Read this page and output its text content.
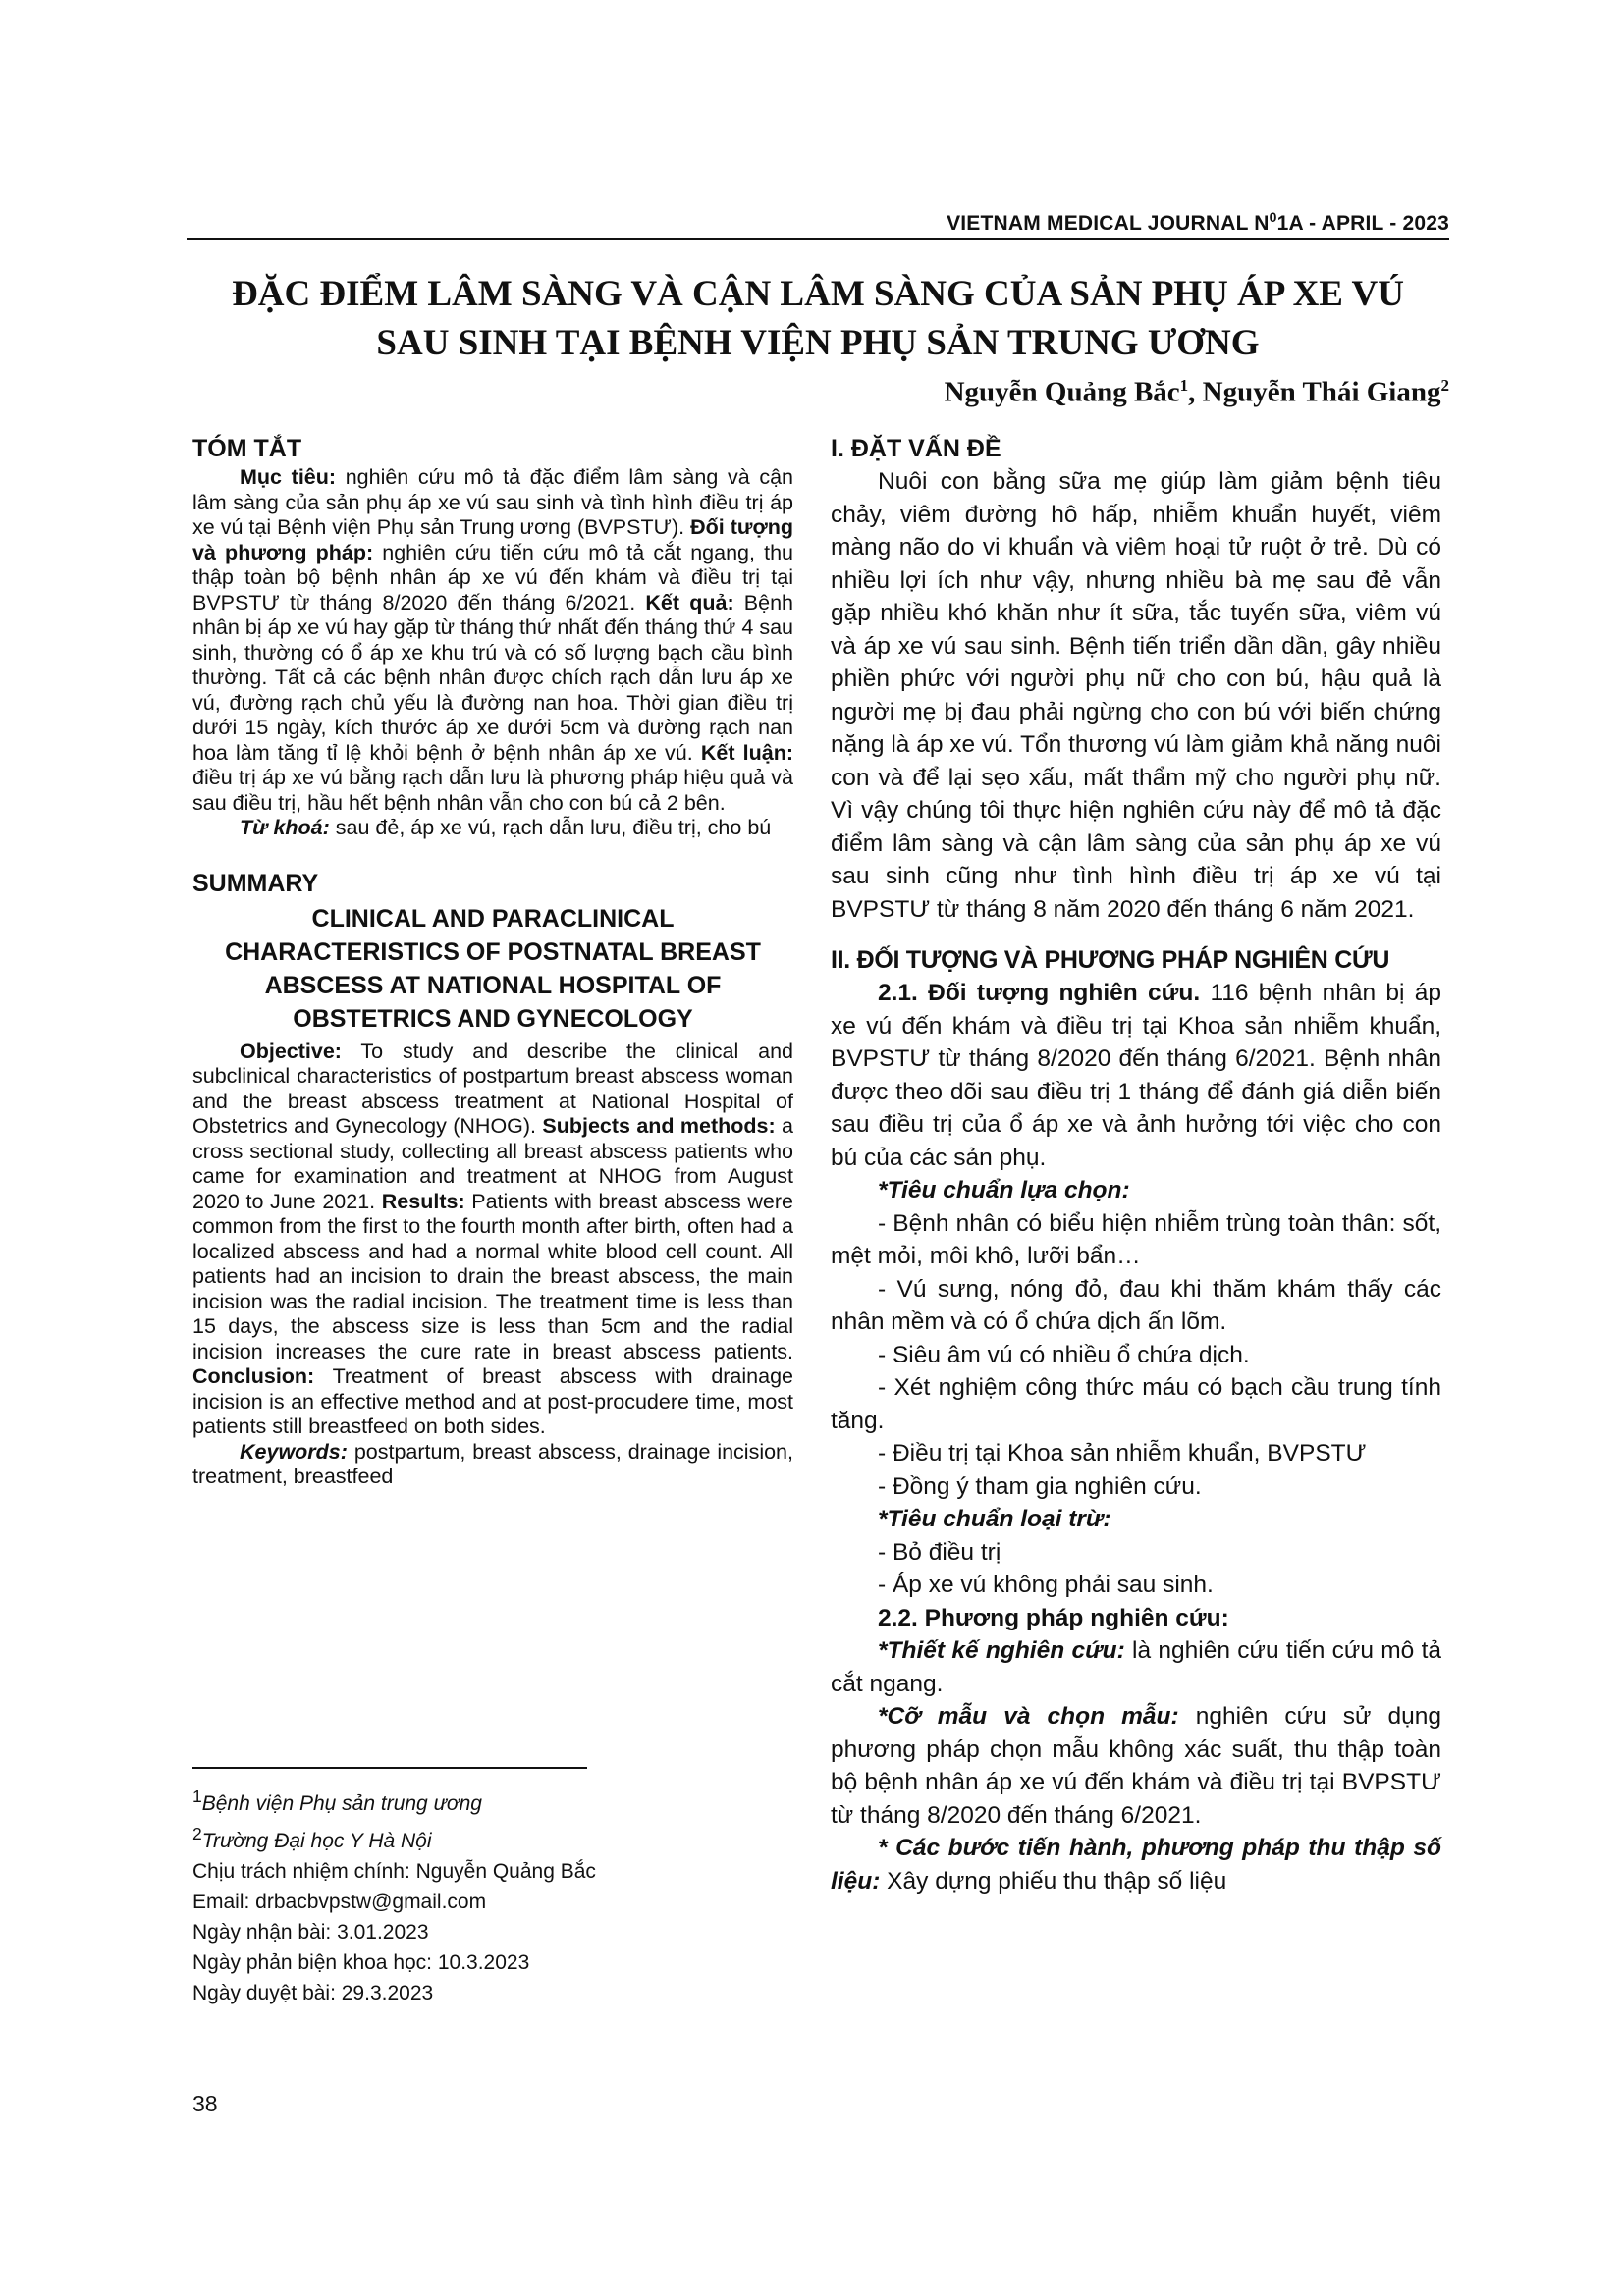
VIETNAM MEDICAL JOURNAL $N^01A$ - APRIL - 2023
ĐẶC ĐIỂM LÂM SÀNG VÀ CẬN LÂM SÀNG CỦA SẢN PHỤ ÁP XE VÚ
SAU SINH TẠI BỆNH VIỆN PHỤ SẢN TRUNG ƯƠNG
Nguyễn Quảng Bắc$^1$, Nguyễn Thái Giang$^2$

TÓM TẮT

Mục tiêu: nghiên cứu mô tả đặc điểm lâm sàng và cận lâm sàng của sản phụ áp xe vú sau sinh và tình hình điều trị áp xe vú tại Bệnh viện Phụ sản Trung ương (BVPSTƯ). Đối tượng và phương pháp: nghiên cứu tiến cứu mô tả cắt ngang, thu thập toàn bộ bệnh nhân áp xe vú đến khám và điều trị tại BVPSTƯ từ tháng 8/2020 đến tháng 6/2021. Kết quả: Bệnh nhân bị áp xe vú hay gặp từ tháng thứ nhất đến tháng thứ 4 sau sinh, thường có ổ áp xe khu trú và có số lượng bạch cầu bình thường. Tất cả các bệnh nhân được chích rạch dẫn lưu áp xe vú, đường rạch chủ yếu là đường nan hoa. Thời gian điều trị dưới 15 ngày, kích thước áp xe dưới 5cm và đường rạch nan hoa làm tăng tỉ lệ khỏi bệnh ở bệnh nhân áp xe vú. Kết luận: điều trị áp xe vú bằng rạch dẫn lưu là phương pháp hiệu quả và sau điều trị, hầu hết bệnh nhân vẫn cho con bú cả 2 bên.

Từ khoá: sau đẻ, áp xe vú, rạch dẫn lưu, điều trị, cho bú

SUMMARY

CLINICAL AND PARACLINICAL
CHARACTERISTICS OF POSTNATAL BREAST
ABSCESS AT NATIONAL HOSPITAL OF
OBSTETRICS AND GYNECOLOGY

Objective: To study and describe the clinical and subclinical characteristics of postpartum breast abscess woman and the breast abscess treatment at National Hospital of Obstetrics and Gynecology (NHOG). Subjects and methods: a cross sectional study, collecting all breast abscess patients who came for examination and treatment at NHOG from August 2020 to June 2021. Results: Patients with breast abscess were common from the first to the fourth month after birth, often had a localized abscess and had a normal white blood cell count. All patients had an incision to drain the breast abscess, the main incision was the radial incision. The treatment time is less than 15 days, the abscess size is less than 5cm and the radial incision increases the cure rate in breast abscess patients. Conclusion: Treatment of breast abscess with drainage incision is an effective method and at post-procudere time, most patients still breastfeed on both sides.

Keywords: postpartum, breast abscess, drainage incision, treatment, breastfeed

$^1$Bệnh viện Phụ sản trung ương

$^2$Trường Đại học Y Hà Nội

Chịu trách nhiệm chính: Nguyễn Quảng Bắc

Email: drbacbvpstw@gmail.com

Ngày nhận bài: 3.01.2023

Ngày phản biện khoa học: 10.3.2023

Ngày duyệt bài: 29.3.2023

38

I. ĐẶT VẤN ĐỀ

Nuôi con bằng sữa mẹ giúp làm giảm bệnh tiêu chảy, viêm đường hô hấp, nhiễm khuẩn huyết, viêm màng não do vi khuẩn và viêm hoại tử ruột ở trẻ. Dù có nhiều lợi ích như vậy, nhưng nhiều bà mẹ sau đẻ vẫn gặp nhiều khó khăn như ít sữa, tắc tuyến sữa, viêm vú và áp xe vú sau sinh. Bệnh tiến triển dần dần, gây nhiều phiền phức với người phụ nữ cho con bú, hậu quả là người mẹ bị đau phải ngừng cho con bú với biến chứng nặng là áp xe vú. Tổn thương vú làm giảm khả năng nuôi con và để lại sẹo xấu, mất thẩm mỹ cho người phụ nữ. Vì vậy chúng tôi thực hiện nghiên cứu này để mô tả đặc điểm lâm sàng và cận lâm sàng của sản phụ áp xe vú sau sinh cũng như tình hình điều trị áp xe vú tại BVPSTƯ từ tháng 8 năm 2020 đến tháng 6 năm 2021.

II. ĐỐI TƯỢNG VÀ PHƯƠNG PHÁP NGHIÊN CỨU

2.1. Đối tượng nghiên cứu. 116 bệnh nhân bị áp xe vú đến khám và điều trị tại Khoa sản nhiễm khuẩn, BVPSTƯ từ tháng 8/2020 đến tháng 6/2021. Bệnh nhân được theo dõi sau điều trị 1 tháng để đánh giá diễn biến sau điều trị của ổ áp xe và ảnh hưởng tới việc cho con bú của các sản phụ.

*Tiêu chuẩn lựa chọn:

- Bệnh nhân có biểu hiện nhiễm trùng toàn thân: sốt, mệt mỏi, môi khô, lưỡi bẩn…

- Vú sưng, nóng đỏ, đau khi thăm khám thấy các nhân mềm và có ổ chứa dịch ấn lõm.

- Siêu âm vú có nhiều ổ chứa dịch.

- Xét nghiệm công thức máu có bạch cầu trung tính tăng.

- Điều trị tại Khoa sản nhiễm khuẩn, BVPSTƯ

- Đồng ý tham gia nghiên cứu.

*Tiêu chuẩn loại trừ:

- Bỏ điều trị

- Áp xe vú không phải sau sinh.

2.2. Phương pháp nghiên cứu:

*Thiết kế nghiên cứu: là nghiên cứu tiến cứu mô tả cắt ngang.

*Cỡ mẫu và chọn mẫu: nghiên cứu sử dụng phương pháp chọn mẫu không xác suất, thu thập toàn bộ bệnh nhân áp xe vú đến khám và điều trị tại BVPSTƯ từ tháng 8/2020 đến tháng 6/2021.

* Các bước tiến hành, phương pháp thu thập số liệu: Xây dựng phiếu thu thập số liệu
